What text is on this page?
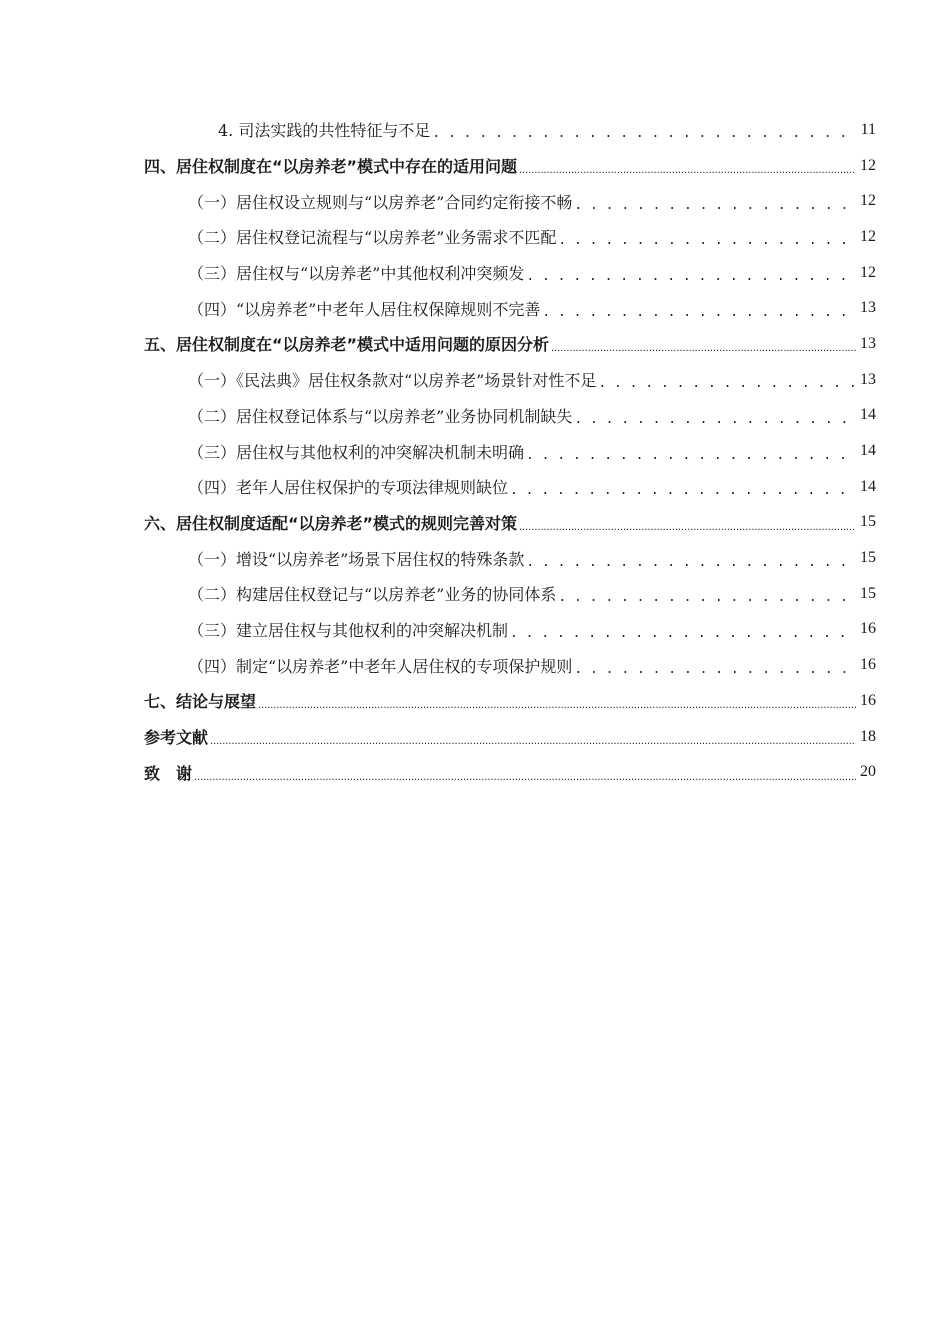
4. 司法实践的共性特征与不足 . . .	11
四、居住权制度在“以房养老”模式中存在的适用问题 .....	12
（一）居住权设立规则与“以房养老”合同约定衔接不畅 . . .	12
（二）居住权登记流程与“以房养老”业务需求不匹配 . . .	12
（三）居住权与“以房养老”中其他权利冲突频发 . . .	12
（四）“以房养老”中老年人居住权保障规则不完善 . . .	13
五、居住权制度在“以房养老”模式中适用问题的原因分析 .....	13
（一）《民法典》居住权条款对“以房养老”场景针对性不足 . . .	13
（二）居住权登记体系与“以房养老”业务协同机制缺失 . . .	14
（三）居住权与其他权利的冲突解决机制未明确 . . .	14
（四）老年人居住权保护的专项法律规则缺位 . . .	14
六、居住权制度适配“以房养老”模式的规则完善对策 .....	15
（一）增设“以房养老”场景下居住权的特殊条款 . . .	15
（二）构建居住权登记与“以房养老”业务的协同体系 . . .	15
（三）建立居住权与其他权利的冲突解决机制 . . .	16
（四）制定“以房养老”中老年人居住权的专项保护规则 . . .	16
七、结论与展望 .....	16
参考文献 .....	18
致　谢 .....	20
